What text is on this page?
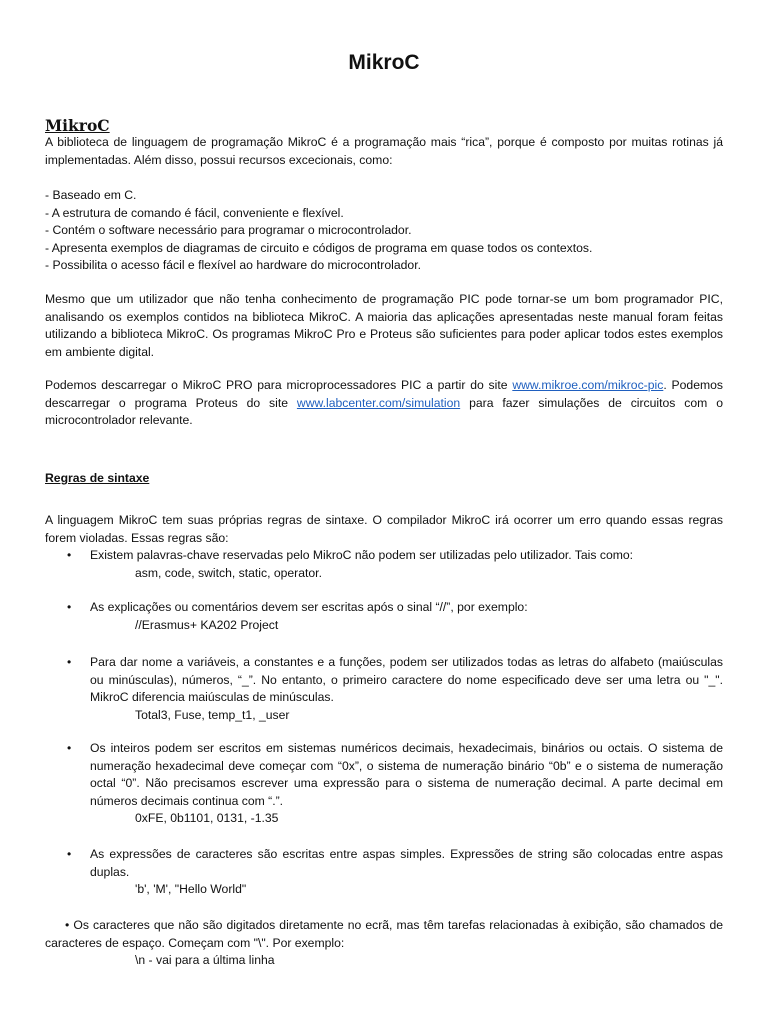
MikroC
MikroC

A biblioteca de linguagem de programação MikroC é a programação mais “rica”, porque é composto por muitas rotinas já implementadas. Além disso, possui recursos excecionais, como:

- Baseado em C.
- A estrutura de comando é fácil, conveniente e flexível.
- Contém o software necessário para programar o microcontrolador.
- Apresenta exemplos de diagramas de circuito e códigos de programa em quase todos os contextos.
- Possibilita o acesso fácil e flexível ao hardware do microcontrolador.

Mesmo que um utilizador que não tenha conhecimento de programação PIC pode tornar-se um bom programador PIC, analisando os exemplos contidos na biblioteca MikroC. A maioria das aplicações apresentadas neste manual foram feitas utilizando a biblioteca MikroC. Os programas MikroC Pro e Proteus são suficientes para poder aplicar todos estes exemplos em ambiente digital.

Podemos descarregar o MikroC PRO para microprocessadores PIC a partir do site www.mikroe.com/mikroc-pic. Podemos descarregar o programa Proteus do site www.labcenter.com/simulation para fazer simulações de circuitos com o microcontrolador relevante.

Regras de sintaxe

A linguagem MikroC tem suas próprias regras de sintaxe. O compilador MikroC irá ocorrer um erro quando essas regras forem violadas. Essas regras são:

• Existem palavras-chave reservadas pelo MikroC não podem ser utilizadas pelo utilizador. Tais como:
asm, code, switch, static, operator.
• As explicações ou comentários devem ser escritas após o sinal “//”, por exemplo:
//Erasmus+ KA202 Project
• Para dar nome a variáveis, a constantes e a funções, podem ser utilizados todas as letras do alfabeto (maiúsculas ou minúsculas), números, “_”. No entanto, o primeiro caractere do nome especificado deve ser uma letra ou "_". MikroC diferencia maiúsculas de minúsculas.
Total3, Fuse, temp_t1, _user
• Os inteiros podem ser escritos em sistemas numéricos decimais, hexadecimais, binários ou octais. O sistema de numeração hexadecimal deve começar com “0x”, o sistema de numeração binário “0b” e o sistema de numeração octal “0”. Não precisamos escrever uma expressão para o sistema de numeração decimal. A parte decimal em números decimais continua com “.”.
0xFE, 0b1101, 0131, -1.35
• As expressões de caracteres são escritas entre aspas simples. Expressões de string são colocadas entre aspas duplas.
'b', 'M', "Hello World"

• Os caracteres que não são digitados diretamente no ecrã, mas têm tarefas relacionadas à exibição, são chamados de caracteres de espaço. Começam com "\". Por exemplo:

\n - vai para a última linha
